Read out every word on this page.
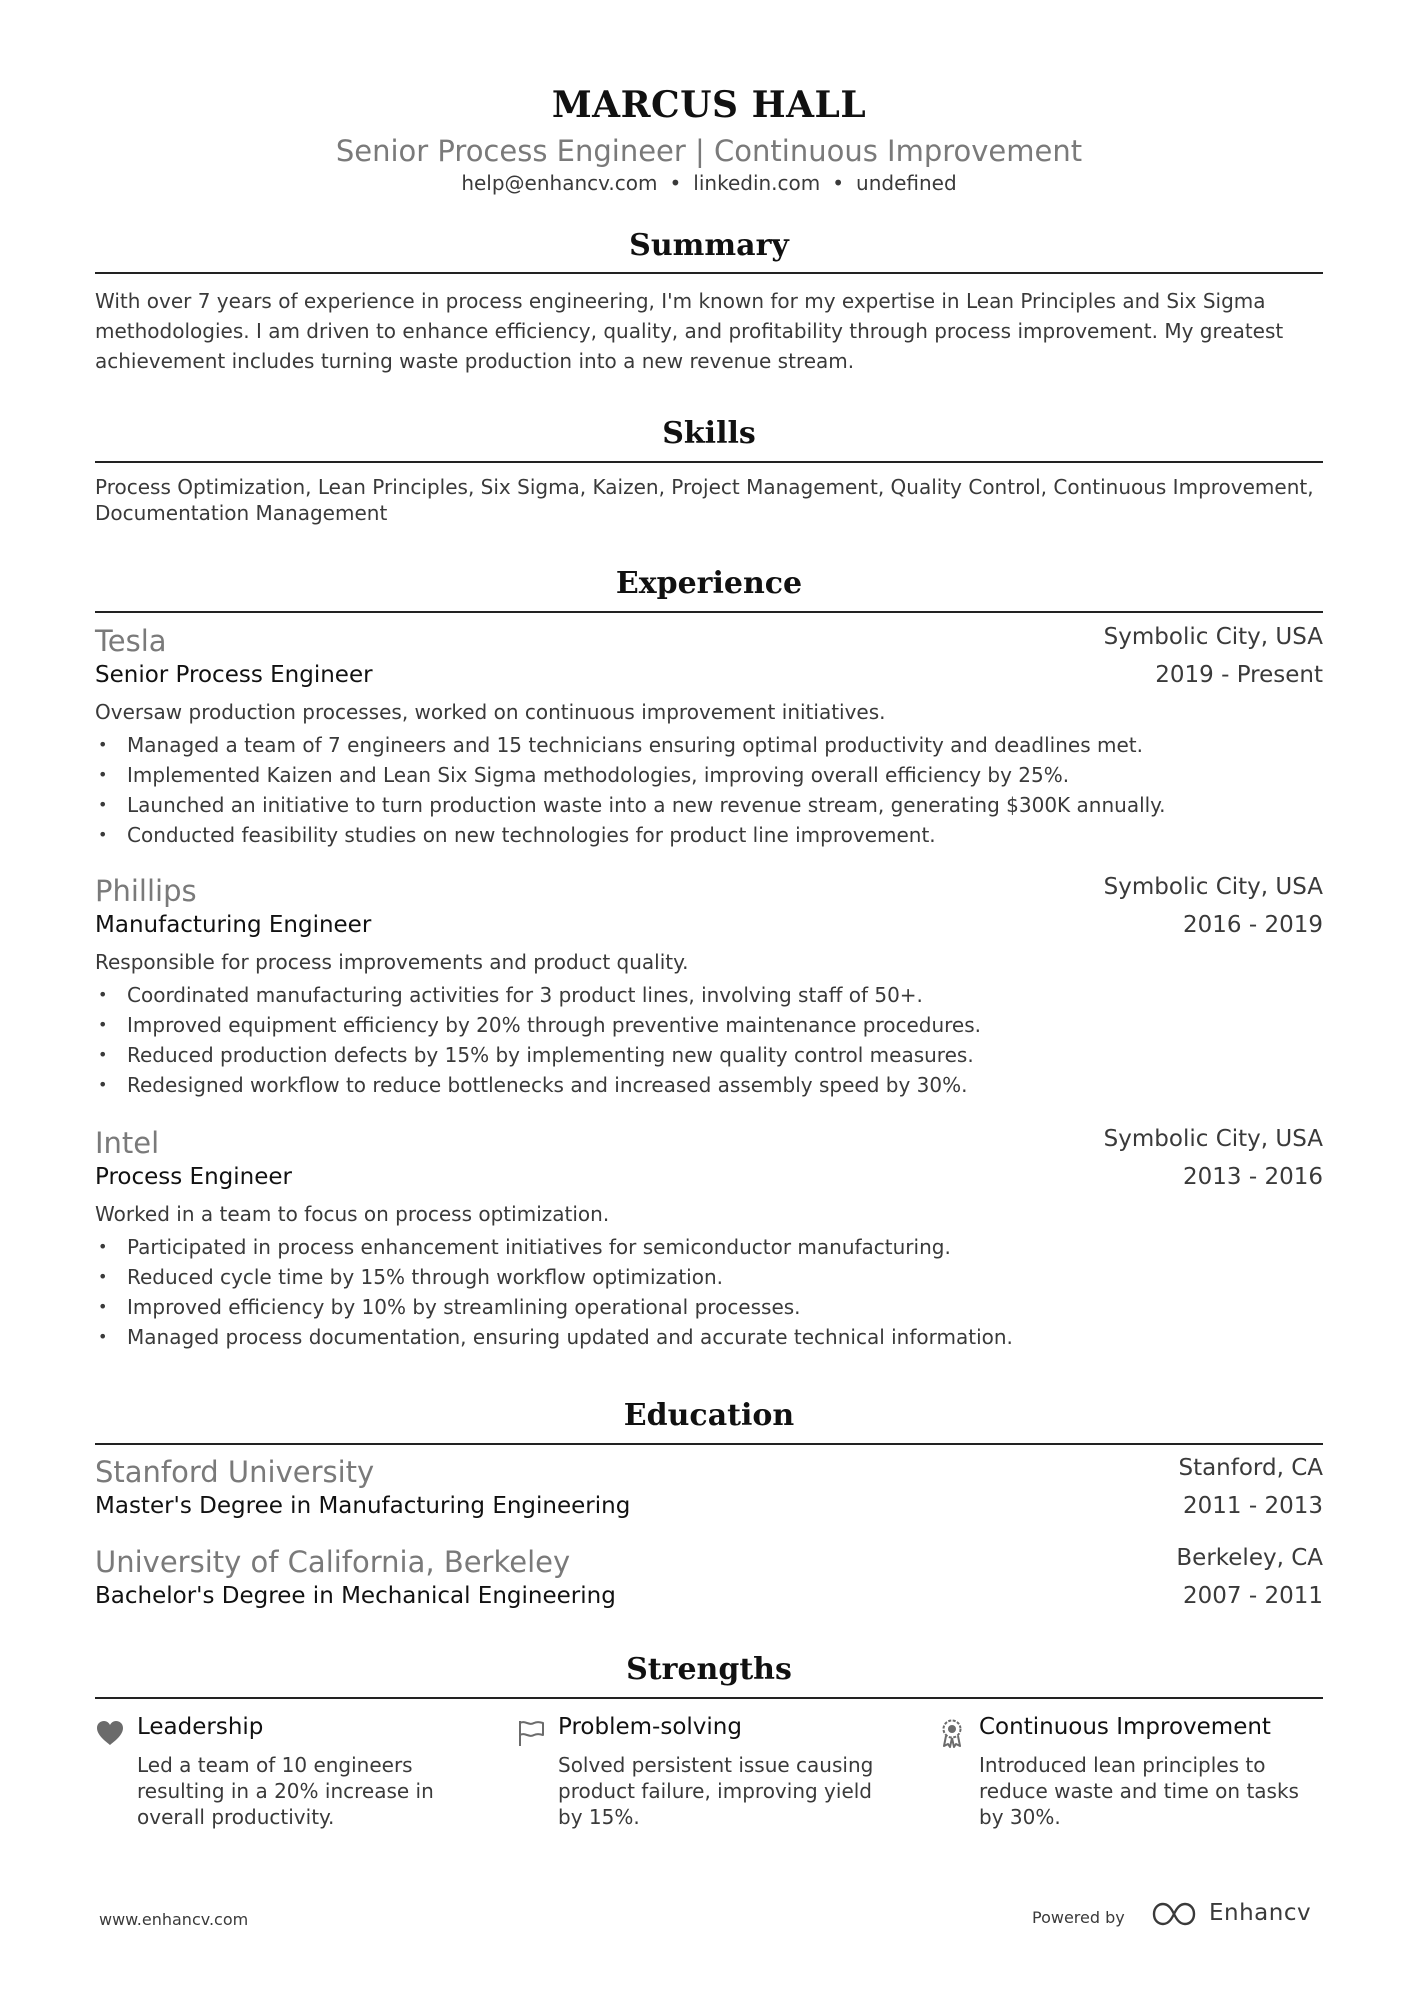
MARCUS HALL
Senior Process Engineer | Continuous Improvement
help@enhancv.com • linkedin.com • undefined
Summary
With over 7 years of experience in process engineering, I'm known for my expertise in Lean Principles and Six Sigma methodologies. I am driven to enhance efficiency, quality, and profitability through process improvement. My greatest achievement includes turning waste production into a new revenue stream.
Skills
Process Optimization, Lean Principles, Six Sigma, Kaizen, Project Management, Quality Control, Continuous Improvement, Documentation Management
Experience
Tesla	Symbolic City, USA
Senior Process Engineer	2019 - Present
Oversaw production processes, worked on continuous improvement initiatives.
• Managed a team of 7 engineers and 15 technicians ensuring optimal productivity and deadlines met.
• Implemented Kaizen and Lean Six Sigma methodologies, improving overall efficiency by 25%.
• Launched an initiative to turn production waste into a new revenue stream, generating $300K annually.
• Conducted feasibility studies on new technologies for product line improvement.
Phillips	Symbolic City, USA
Manufacturing Engineer	2016 - 2019
Responsible for process improvements and product quality.
• Coordinated manufacturing activities for 3 product lines, involving staff of 50+.
• Improved equipment efficiency by 20% through preventive maintenance procedures.
• Reduced production defects by 15% by implementing new quality control measures.
• Redesigned workflow to reduce bottlenecks and increased assembly speed by 30%.
Intel	Symbolic City, USA
Process Engineer	2013 - 2016
Worked in a team to focus on process optimization.
• Participated in process enhancement initiatives for semiconductor manufacturing.
• Reduced cycle time by 15% through workflow optimization.
• Improved efficiency by 10% by streamlining operational processes.
• Managed process documentation, ensuring updated and accurate technical information.
Education
Stanford University	Stanford, CA
Master's Degree in Manufacturing Engineering	2011 - 2013
University of California, Berkeley	Berkeley, CA
Bachelor's Degree in Mechanical Engineering	2007 - 2011
Strengths
Leadership
Led a team of 10 engineers resulting in a 20% increase in overall productivity.
Problem-solving
Solved persistent issue causing product failure, improving yield by 15%.
Continuous Improvement
Introduced lean principles to reduce waste and time on tasks by 30%.
www.enhancv.com	Powered by	Enhancv
